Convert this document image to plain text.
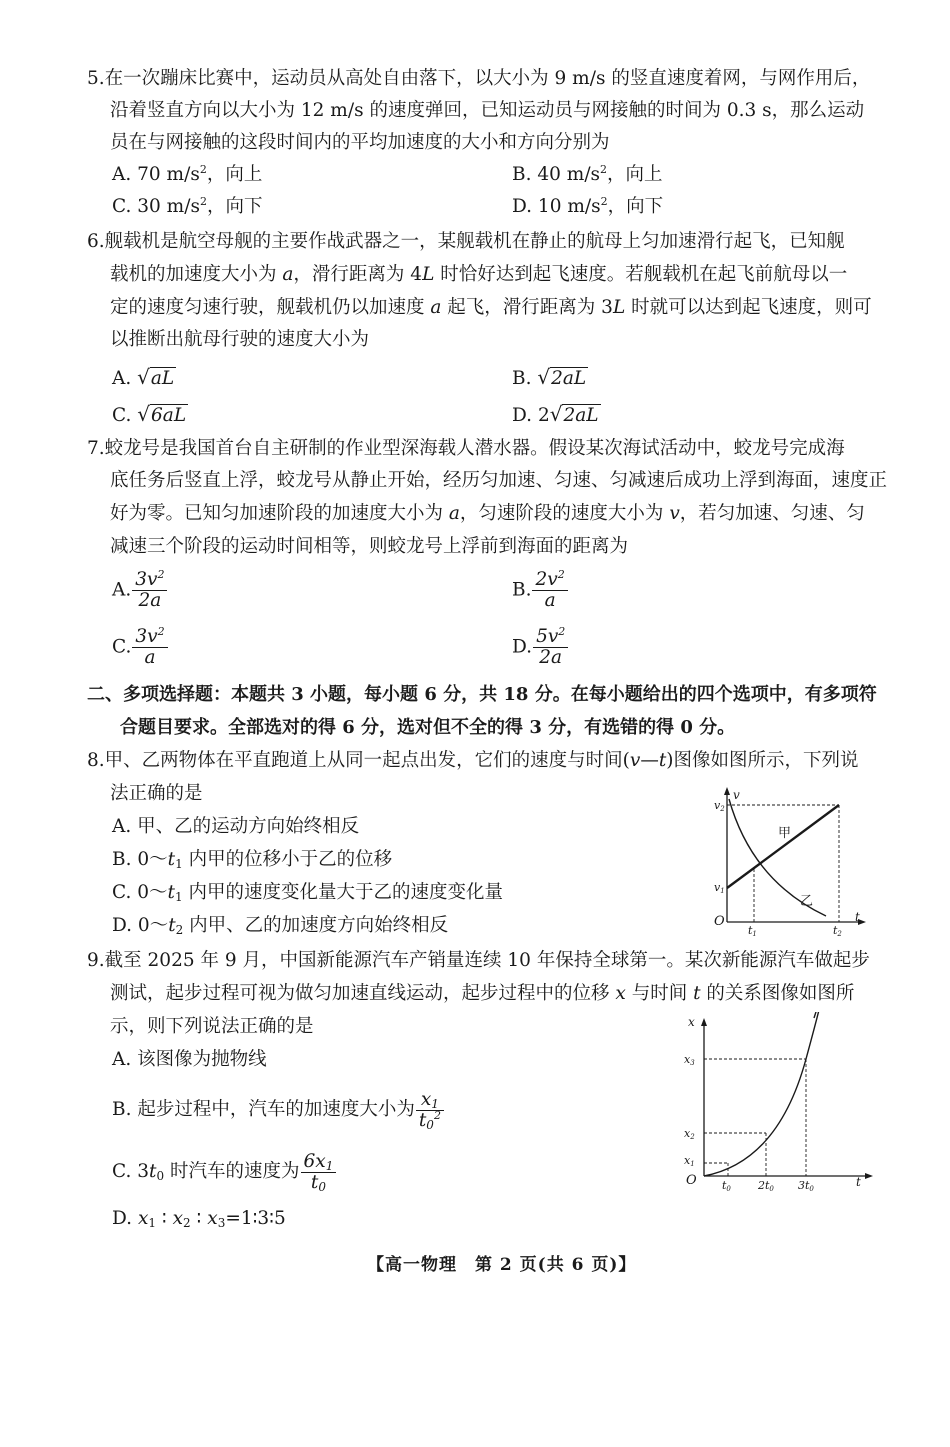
5.在一次蹦床比赛中，运动员从高处自由落下，以大小为 9 m/s 的竖直速度着网，与网作用后，
沿着竖直方向以大小为 12 m/s 的速度弹回，已知运动员与网接触的时间为 0.3 s，那么运动
员在与网接触的这段时间内的平均加速度的大小和方向分别为
A. 70 $m/s^2$，向上	B. 40 $m/s^2$，向上
C. 30 $m/s^2$，向下	D. 10 $m/s^2$，向下
6.舰载机是航空母舰的主要作战武器之一，某舰载机在静止的航母上匀加速滑行起飞，已知舰
载机的加速度大小为 a，滑行距离为 4L 时恰好达到起飞速度。若舰载机在起飞前航母以一
定的速度匀速行驶，舰载机仍以加速度 a 起飞，滑行距离为 3L 时就可以达到起飞速度，则可
以推断出航母行驶的速度大小为
A. √aL	B. √2aL
C. √6aL	D. 2√2aL
7.蛟龙号是我国首台自主研制的作业型深海载人潜水器。假设某次海试活动中，蛟龙号完成海
底任务后竖直上浮，蛟龙号从静止开始，经历匀加速、匀速、匀减速后成功上浮到海面，速度正
好为零。已知匀加速阶段的加速度大小为 a，匀速阶段的速度大小为 v，若匀加速、匀速、匀
减速三个阶段的运动时间相等，则蛟龙号上浮前到海面的距离为
A. $\frac{3v^2}{2a}$	B. $\frac{2v^2}{a}$
C. $\frac{3v^2}{a}$	D. $\frac{5v^2}{2a}$
二、多项选择题：本题共 3 小题，每小题 6 分，共 18 分。在每小题给出的四个选项中，有多项符
合题目要求。全部选对的得 6 分，选对但不全的得 3 分，有选错的得 0 分。
8.甲、乙两物体在平直跑道上从同一起点出发，它们的速度与时间(v—t)图像如图所示，下列说
法正确的是
A. 甲、乙的运动方向始终相反
B. $0\sim t_1$ 内甲的位移小于乙的位移
C. $0\sim t_1$ 内甲的速度变化量大于乙的速度变化量
D. $0\sim t_2$ 内甲、乙的加速度方向始终相反
v
t
O
v2
v1
甲
乙
t1	t2
9.截至 2025 年 9 月，中国新能源汽车产销量连续 10 年保持全球第一。某次新能源汽车做起步
测试，起步过程可视为做匀加速直线运动，起步过程中的位移 x 与时间 t 的关系图像如图所
示，则下列说法正确的是
A. 该图像为抛物线
B. 起步过程中，汽车的加速度大小为 $\frac{x_1}{t_0^2}$
C. $3t_0$ 时汽车的速度为 $\frac{6x_1}{t_0}$
D. $x_1$ ∶ $x_2$ ∶ $x_3=1∶3∶5$
x
t
O
x3
x2
x1
t0 2t0 3t0
【高一物理　第 2 页(共 6 页)】
